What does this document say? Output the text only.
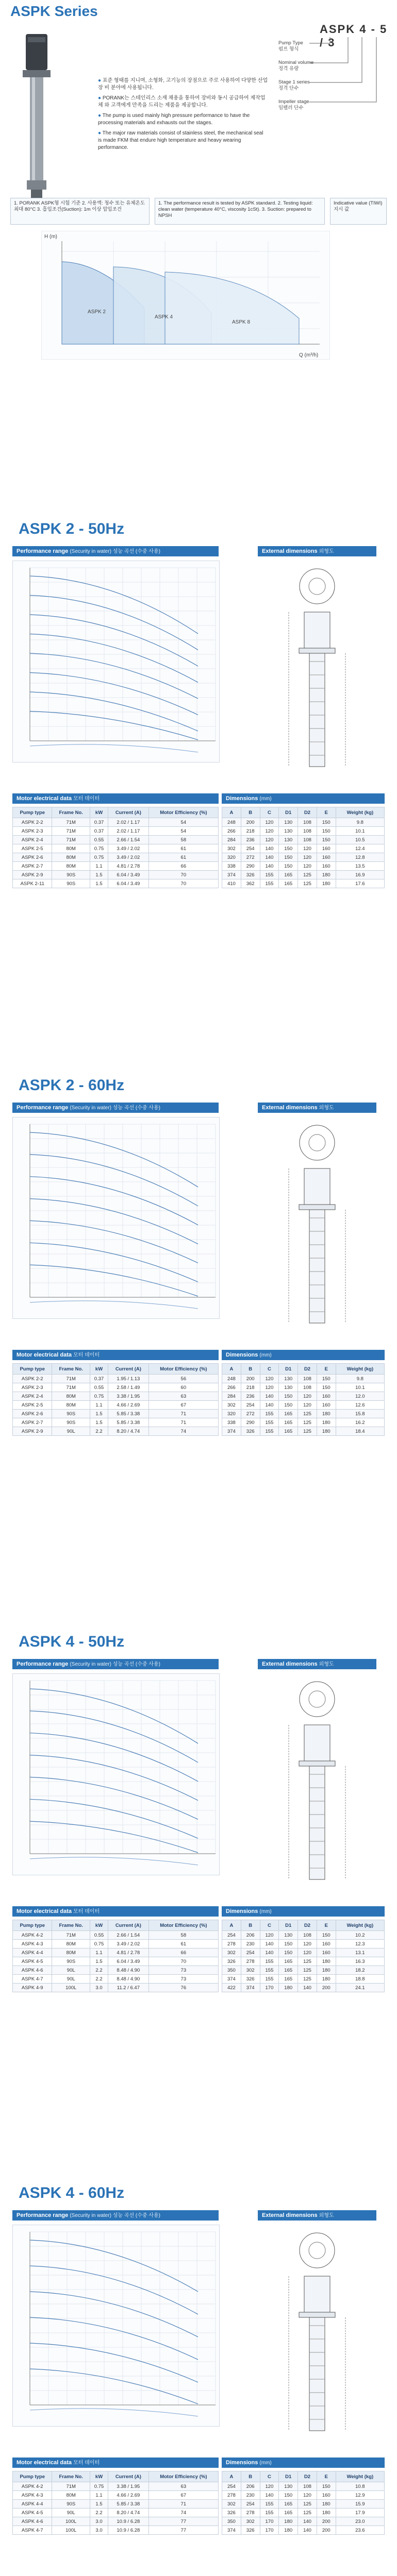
ASPK Series
ASPK 4 - 5 / 3
Pump Type
펌프 형식
Nominal volume
정격 유량
Stage 1 series
정격 단수
Impeller stage
임펠러 단수

● 표준 형태를 지니며, 소형화, 고기능의 장점으로 주로 사용하여 다양한 산업 장 비 분야에 사용됩니다.

● PORANK는 스테인리스 소재 채용을 통하여 장비와 동시 공급하여 제작업체 와 고객에게 만족을 드리는 제품을 제공합니다.

● The pump is used mainly high pressure performance to have the processing materials and exhausts out the stages.

● The major raw materials consist of stainless steel, the mechanical seal is made FKM that endure high temperature and heavy wearing performance.

1. PORANK ASPK형 시험 기준 2. 사용액: 청수 또는 유체온도 최대 80°C 3. 흡입조건(Suction): 1m 이상 압입조건
1. The performance result is tested by ASPK standard. 2. Testing liquid: clean water (temperature 40°C, viscosity 1cSt). 3. Suction: prepared to NPSH
Indicative value (TIWI) 지시 값
ASPK 2
ASPK 4
ASPK 8
Q (m³/h)
H (m)
ASPK 2 - 50Hz
Performance range (Security in water) 성능 곡선 (수중 사용)	External dimensions 외형도
Motor electrical data 모터 데이터	Dimensions (mm)
Pump type	Frame No.	kW	Current (A)	Motor Efficiency (%)
ASPK 2-2	71M	0.37	2.02 / 1.17	54
ASPK 2-3	71M	0.37	2.02 / 1.17	54
ASPK 2-4	71M	0.55	2.66 / 1.54	58
ASPK 2-5	80M	0.75	3.49 / 2.02	61
ASPK 2-6	80M	0.75	3.49 / 2.02	61
ASPK 2-7	80M	1.1	4.81 / 2.78	66
ASPK 2-9	90S	1.5	6.04 / 3.49	70
ASPK 2-11	90S	1.5	6.04 / 3.49	70
A	B	C	D1	D2	E	Weight (kg)
248	200	120	130	108	150	9.8
266	218	120	130	108	150	10.1
284	236	120	130	108	150	10.5
302	254	140	150	120	160	12.4
320	272	140	150	120	160	12.8
338	290	140	150	120	160	13.5
374	326	155	165	125	180	16.9
410	362	155	165	125	180	17.6
ASPK 2 - 60Hz
Performance range (Security in water) 성능 곡선 (수중 사용)	External dimensions 외형도
Motor electrical data 모터 데이터	Dimensions (mm)
Pump type	Frame No.	kW	Current (A)	Motor Efficiency (%)
ASPK 2-2	71M	0.37	1.95 / 1.13	56
ASPK 2-3	71M	0.55	2.58 / 1.49	60
ASPK 2-4	80M	0.75	3.38 / 1.95	63
ASPK 2-5	80M	1.1	4.66 / 2.69	67
ASPK 2-6	90S	1.5	5.85 / 3.38	71
ASPK 2-7	90S	1.5	5.85 / 3.38	71
ASPK 2-9	90L	2.2	8.20 / 4.74	74
A	B	C	D1	D2	E	Weight (kg)
248	200	120	130	108	150	9.8
266	218	120	130	108	150	10.1
284	236	140	150	120	160	12.0
302	254	140	150	120	160	12.6
320	272	155	165	125	180	15.8
338	290	155	165	125	180	16.2
374	326	155	165	125	180	18.4
ASPK 4 - 50Hz
Performance range (Security in water) 성능 곡선 (수중 사용)	External dimensions 외형도
Motor electrical data 모터 데이터	Dimensions (mm)
Pump type	Frame No.	kW	Current (A)	Motor Efficiency (%)
ASPK 4-2	71M	0.55	2.66 / 1.54	58
ASPK 4-3	80M	0.75	3.49 / 2.02	61
ASPK 4-4	80M	1.1	4.81 / 2.78	66
ASPK 4-5	90S	1.5	6.04 / 3.49	70
ASPK 4-6	90L	2.2	8.48 / 4.90	73
ASPK 4-7	90L	2.2	8.48 / 4.90	73
ASPK 4-9	100L	3.0	11.2 / 6.47	76
A	B	C	D1	D2	E	Weight (kg)
254	206	120	130	108	150	10.2
278	230	140	150	120	160	12.3
302	254	140	150	120	160	13.1
326	278	155	165	125	180	16.3
350	302	155	165	125	180	18.2
374	326	155	165	125	180	18.8
422	374	170	180	140	200	24.1
ASPK 4 - 60Hz
Performance range (Security in water) 성능 곡선 (수중 사용)	External dimensions 외형도
Motor electrical data 모터 데이터	Dimensions (mm)
Pump type	Frame No.	kW	Current (A)	Motor Efficiency (%)
ASPK 4-2	71M	0.75	3.38 / 1.95	63
ASPK 4-3	80M	1.1	4.66 / 2.69	67
ASPK 4-4	90S	1.5	5.85 / 3.38	71
ASPK 4-5	90L	2.2	8.20 / 4.74	74
ASPK 4-6	100L	3.0	10.9 / 6.28	77
ASPK 4-7	100L	3.0	10.9 / 6.28	77
A	B	C	D1	D2	E	Weight (kg)
254	206	120	130	108	150	10.8
278	230	140	150	120	160	12.9
302	254	155	165	125	180	15.9
326	278	155	165	125	180	17.9
350	302	170	180	140	200	23.0
374	326	170	180	140	200	23.6
